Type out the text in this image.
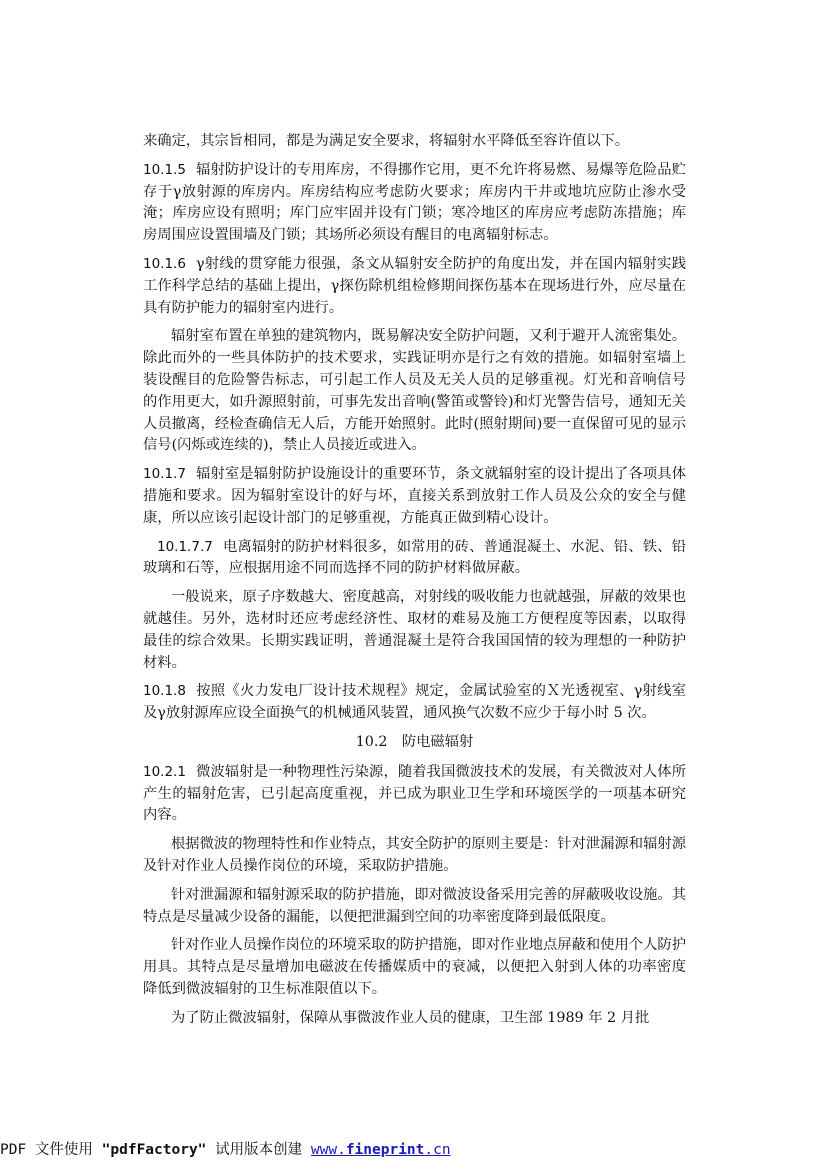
来确定，其宗旨相同，都是为满足安全要求，将辐射水平降低至容许值以下。

10.1.5 辐射防护设计的专用库房，不得挪作它用，更不允许将易燃、易爆等危险品贮存于γ放射源的库房内。库房结构应考虑防火要求；库房内干井或地坑应防止渗水受淹；库房应设有照明；库门应牢固并设有门锁；寒冷地区的库房应考虑防冻措施；库房周围应设置围墙及门锁；其场所必须设有醒目的电离辐射标志。

10.1.6 γ射线的贯穿能力很强，条文从辐射安全防护的角度出发，并在国内辐射实践工作科学总结的基础上提出，γ探伤除机组检修期间探伤基本在现场进行外，应尽量在具有防护能力的辐射室内进行。

辐射室布置在单独的建筑物内，既易解决安全防护问题，又利于避开人流密集处。除此而外的一些具体防护的技术要求，实践证明亦是行之有效的措施。如辐射室墙上装设醒目的危险警告标志，可引起工作人员及无关人员的足够重视。灯光和音响信号的作用更大，如升源照射前，可事先发出音响(警笛或警铃)和灯光警告信号，通知无关人员撤离，经检查确信无人后，方能开始照射。此时(照射期间)要一直保留可见的显示信号(闪烁或连续的)，禁止人员接近或进入。

10.1.7 辐射室是辐射防护设施设计的重要环节，条文就辐射室的设计提出了各项具体措施和要求。因为辐射室设计的好与坏，直接关系到放射工作人员及公众的安全与健康，所以应该引起设计部门的足够重视，方能真正做到精心设计。

10.1.7.7 电离辐射的防护材料很多，如常用的砖、普通混凝土、水泥、铅、铁、铅玻璃和石等，应根据用途不同而选择不同的防护材料做屏蔽。

一般说来，原子序数越大、密度越高，对射线的吸收能力也就越强，屏蔽的效果也就越佳。另外，选材时还应考虑经济性、取材的难易及施工方便程度等因素，以取得最佳的综合效果。长期实践证明，普通混凝土是符合我国国情的较为理想的一种防护材料。

10.1.8 按照《火力发电厂设计技术规程》规定，金属试验室的Ｘ光透视室、γ射线室及γ放射源库应设全面换气的机械通风装置，通风换气次数不应少于每小时 5 次。

10.2　防电磁辐射

10.2.1 微波辐射是一种物理性污染源，随着我国微波技术的发展，有关微波对人体所产生的辐射危害，已引起高度重视，并已成为职业卫生学和环境医学的一项基本研究内容。

根据微波的物理特性和作业特点，其安全防护的原则主要是：针对泄漏源和辐射源及针对作业人员操作岗位的环境，采取防护措施。

针对泄漏源和辐射源采取的防护措施，即对微波设备采用完善的屏蔽吸收设施。其特点是尽量减少设备的漏能，以便把泄漏到空间的功率密度降到最低限度。

针对作业人员操作岗位的环境采取的防护措施，即对作业地点屏蔽和使用个人防护用具。其特点是尽量增加电磁波在传播媒质中的衰减，以便把入射到人体的功率密度降低到微波辐射的卫生标准限值以下。

为了防止微波辐射，保障从事微波作业人员的健康，卫生部 1989 年 2 月批

PDF 文件使用 "pdfFactory" 试用版本创建 www.fineprint.cn
